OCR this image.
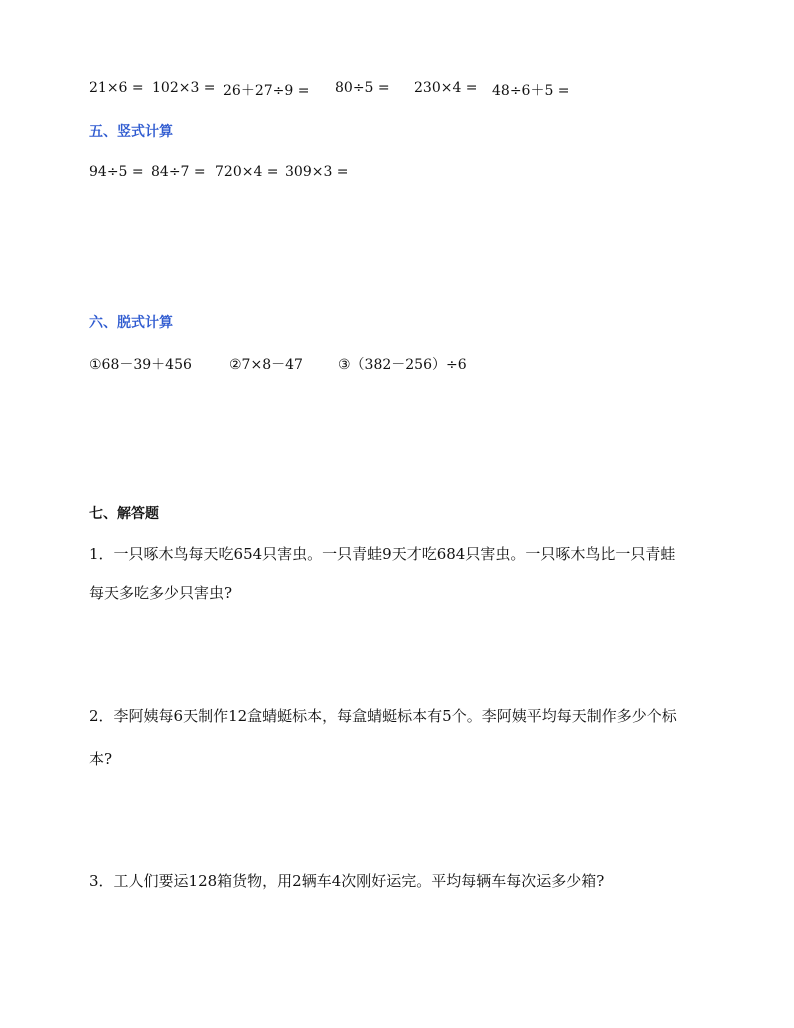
21×6 = 102×3 = 26＋27÷9 = 80÷5 = 230×4 = 48÷6＋5 =
五、竖式计算
94÷5 = 84÷7 = 720×4 = 309×3 =
六、脱式计算
①68－39＋456	②7×8－47	③（382－256）÷6
七、解答题
1．一只啄木鸟每天吃654只害虫。一只青蛙9天才吃684只害虫。一只啄木鸟比一只青蛙
每天多吃多少只害虫?
2．李阿姨每6天制作12盒蜻蜓标本，每盒蜻蜓标本有5个。李阿姨平均每天制作多少个标
本?
3．工人们要运128箱货物，用2辆车4次刚好运完。平均每辆车每次运多少箱?
